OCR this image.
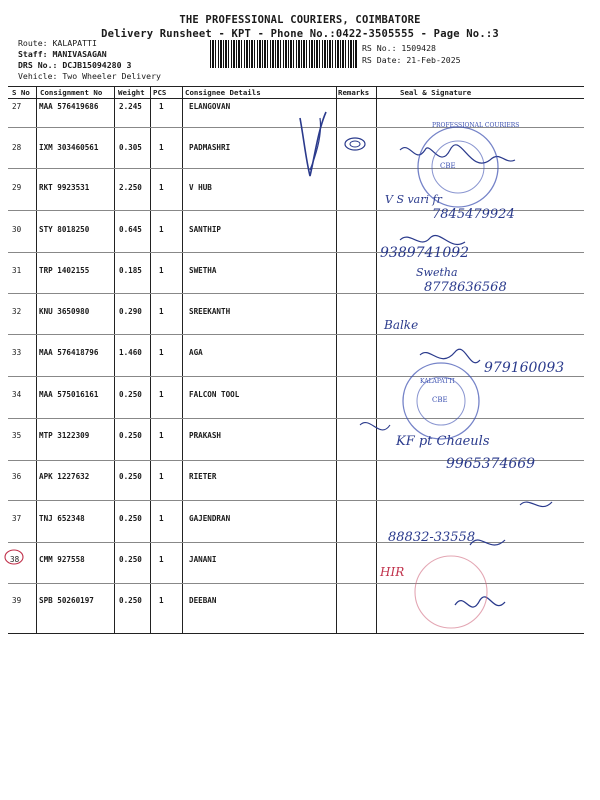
THE PROFESSIONAL COURIERS, COIMBATORE
Delivery Runsheet - KPT - Phone No.:0422-3505555 - Page No.:3
Route: KALAPATTI
Staff: MANIVASAGAN
DRS No.: DCJB15094280 3
Vehicle: Two Wheeler Delivery
RS No.: 1509428
RS Date: 21-Feb-2025
S No Consignment No Weight PCS	Consignee Details	Remarks	Seal & Signature
27 MAA 576419686	2.245 1	ELANGOVAN
28 IXM 303460561	0.305 1	PADMASHRI
29 RKT 9923531	2.250 1	V HUB
30 STY 8018250	0.645 1	SANTHIP
31 TRP 1402155	0.185 1	SWETHA
32 KNU 3650980	0.290 1	SREEKANTH
33 MAA 576418796	1.460 1	AGA
34 MAA 575016161	0.250 1	FALCON TOOL
35 MTP 3122309	0.250 1	PRAKASH
36 APK 1227632	0.250 1	RIETER
37 TNJ 652348	0.250 1	GAJENDRAN
38	CMM 927558	0.250 1	JANANI
39 SPB 50260197	0.250 1	DEEBAN
PROFESSIONAL COURIERS
CBE
KALAPATTI
CBE
V S vari fr
7845479924
9389741092
Swetha
8778636568
Balke
979160093
KF pt Chaeuls
9965374669
88832-33558
HIR
